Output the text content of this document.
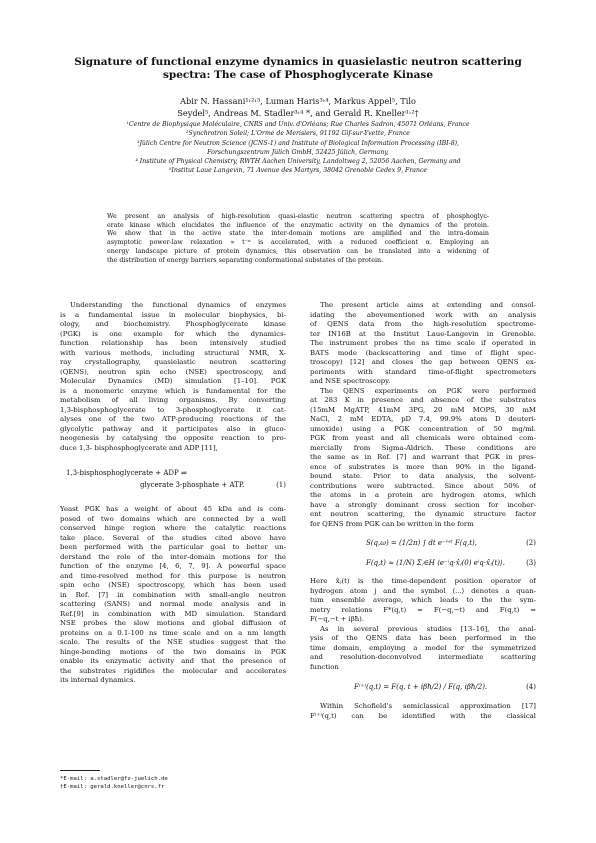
Signature of functional enzyme dynamics in quasielastic neutron scattering
spectra: The case of Phosphoglycerate Kinase
Abir N. Hassani¹˒²˒³, Luman Haris³˒⁴, Markus Appel⁵, Tilo
Seydel⁵, Andreas M. Stadler³˒⁴ *, and Gerald R. Kneller¹˒²†
¹Centre de Biophysique Moléculaire, CNRS and Univ. d'Orléans; Rue Charles Sadron, 45071 Orléans, France
²Synchrotron Soleil; L'Orme de Merisiers, 91192 Gif-sur-Yvette, France
³Jülich Centre for Neutron Science (JCNS-1) and Institute of Biological Information Processing (IBI-8),
Forschungszentrum Jülich GmbH, 52425 Jülich, Germany,
⁴ Institute of Physical Chemistry, RWTH Aachen University, Landoltweg 2, 52056 Aachen, Germany and
⁵Institut Laue Langevin, 71 Avenue des Martyrs, 38042 Grenoble Cedex 9, France
We present an analysis of high-resolution quasi-elastic neutron scattering spectra of phosphoglyc-
erate kinase which elucidates the influence of the enzymatic activity on the dynamics of the protein.
We show that in the active state the inter-domain motions are amplified and the intra-domain
asymptotic power-law relaxation ∝ t⁻ᵅ is accelerated, with a reduced coefficient α. Employing an
energy landscape picture of protein dynamics, this observation can be translated into a widening of
the distribution of energy barriers separating conformational substates of the protein.
Understanding the functional dynamics of enzymes
is a fundamental issue in molecular biophysics, bi-
ology, and biochemistry. Phosphoglycerate kinase
(PGK) is one example for which the dynamics-
function relationship has been intensively studied
with various methods, including structural NMR, X-
ray crystallography, quasielastic neutron scattering
(QENS), neutron spin echo (NSE) spectroscopy, and
Molecular Dynamics (MD) simulation [1–10]. PGK
is a monomeric enzyme which is fundamental for the
metabolism of all living organisms. By converting
1,3-bisphosphoglycerate to 3-phosphoglycerate it cat-
alyses one of the two ATP-producing reactions of the
glycolytic pathway and it participates also in gluco-
neogenesis by catalysing the opposite reaction to pro-
duce 1,3- bisphosphoglycerate and ADP [11],
1,3-bisphosphoglycerate + ADP ⇌
glycerate 3-phosphate + ATP.	(1)
Yeast PGK has a weight of about 45 kDa and is com-
posed of two domains which are connected by a well
conserved hinge region where the catalytic reactions
take place. Several of the studies cited above have
been performed with the particular goal to better un-
derstand the role of the inter-domain motions for the
function of the enzyme [4, 6, 7, 9]. A powerful space
and time-resolved method for this purpose is neutron
spin echo (NSE) spectroscopy, which has been used
in Ref. [7] in combination with small-angle neutron
scattering (SANS) and normal mode analysis and in
Ref.[9] in combination with MD simulation. Standard
NSE probes the slow motions and global diffusion of
proteins on a 0.1-100 ns time scale and on a nm length
scale. The results of the NSE studies suggest that the
hinge-bending motions of the two domains in PGK
enable its enzymatic activity and that the presence of
the substrates rigidifies the molecular and accelerates
its internal dynamics.
The present article aims at extending and consol-
idating the abovementioned work with an analysis
of QENS data from the high-resolution spectrome-
ter IN16B at the Institut Laue-Langevin in Grenoble.
The instrument probes the ns time scale if operated in
BATS mode (backscattering and time of flight spec-
troscopy) [12] and closes the gap between QENS ex-
periments with standard time-of-flight spectrometers
and NSE spectroscopy.
The QENS experiments on PGK were performed
at 283 K in presence and absence of the substrates
(15mM MgATP, 41mM 3PG, 20 mM MOPS, 30 mM
NaCl, 2 mM EDTA, pD 7.4, 99.9% atom D deuteri-
umoxide) using a PGK concentration of 50 mg/ml.
PGK from yeast and all chemicals were obtained com-
mercially from Sigma-Aldrich. These conditions are
the same as in Ref. [7] and warrant that PGK in pres-
ence of substrates is more than 90% in the ligand-
bound state. Prior to data analysis, the solvent-
contributions were subtracted. Since about 50% of
the atoms in a protein are hydrogen atoms, which
have a strongly dominant cross section for incoher-
ent neutron scattering, the dynamic structure factor
for QENS from PGK can be written in the form
S(q,ω) = (1/2π) ∫ dt e⁻ⁱʷᵗ F(q,t),	(2)
F(q,t) ≈ (1/N) Σⱼ∈H ⟨e⁻ⁱq·x̂ⱼ(0) eⁱq·x̂ⱼ(t)⟩.	(3)
Here x̂ⱼ(t) is the time-dependent position operator of
hydrogen atom j and the symbol ⟨...⟩ denotes a quan-
tum ensemble average, which leads to the the sym-
metry relations F*(q,t) = F(−q,−t) and F(q,t) =
F(−q,−t + iβħ).
As in several previous studies [13–16], the anal-
ysis of the QENS data has been performed in the
time domain, employing a model for the symmetrized
and resolution-deconvolved intermediate scattering
function
F⁽⁺⁾(q,t) = F(q, t + iβħ/2) / F(q, iβħ/2).	(4)
Within Schofield's semiclassical approximation [17]
F⁽⁺⁾(q,t) can be identified with the classical
*E-mail: a.stadler@fz-juelich.de
†E-mail: gerald.kneller@cnrs.fr
